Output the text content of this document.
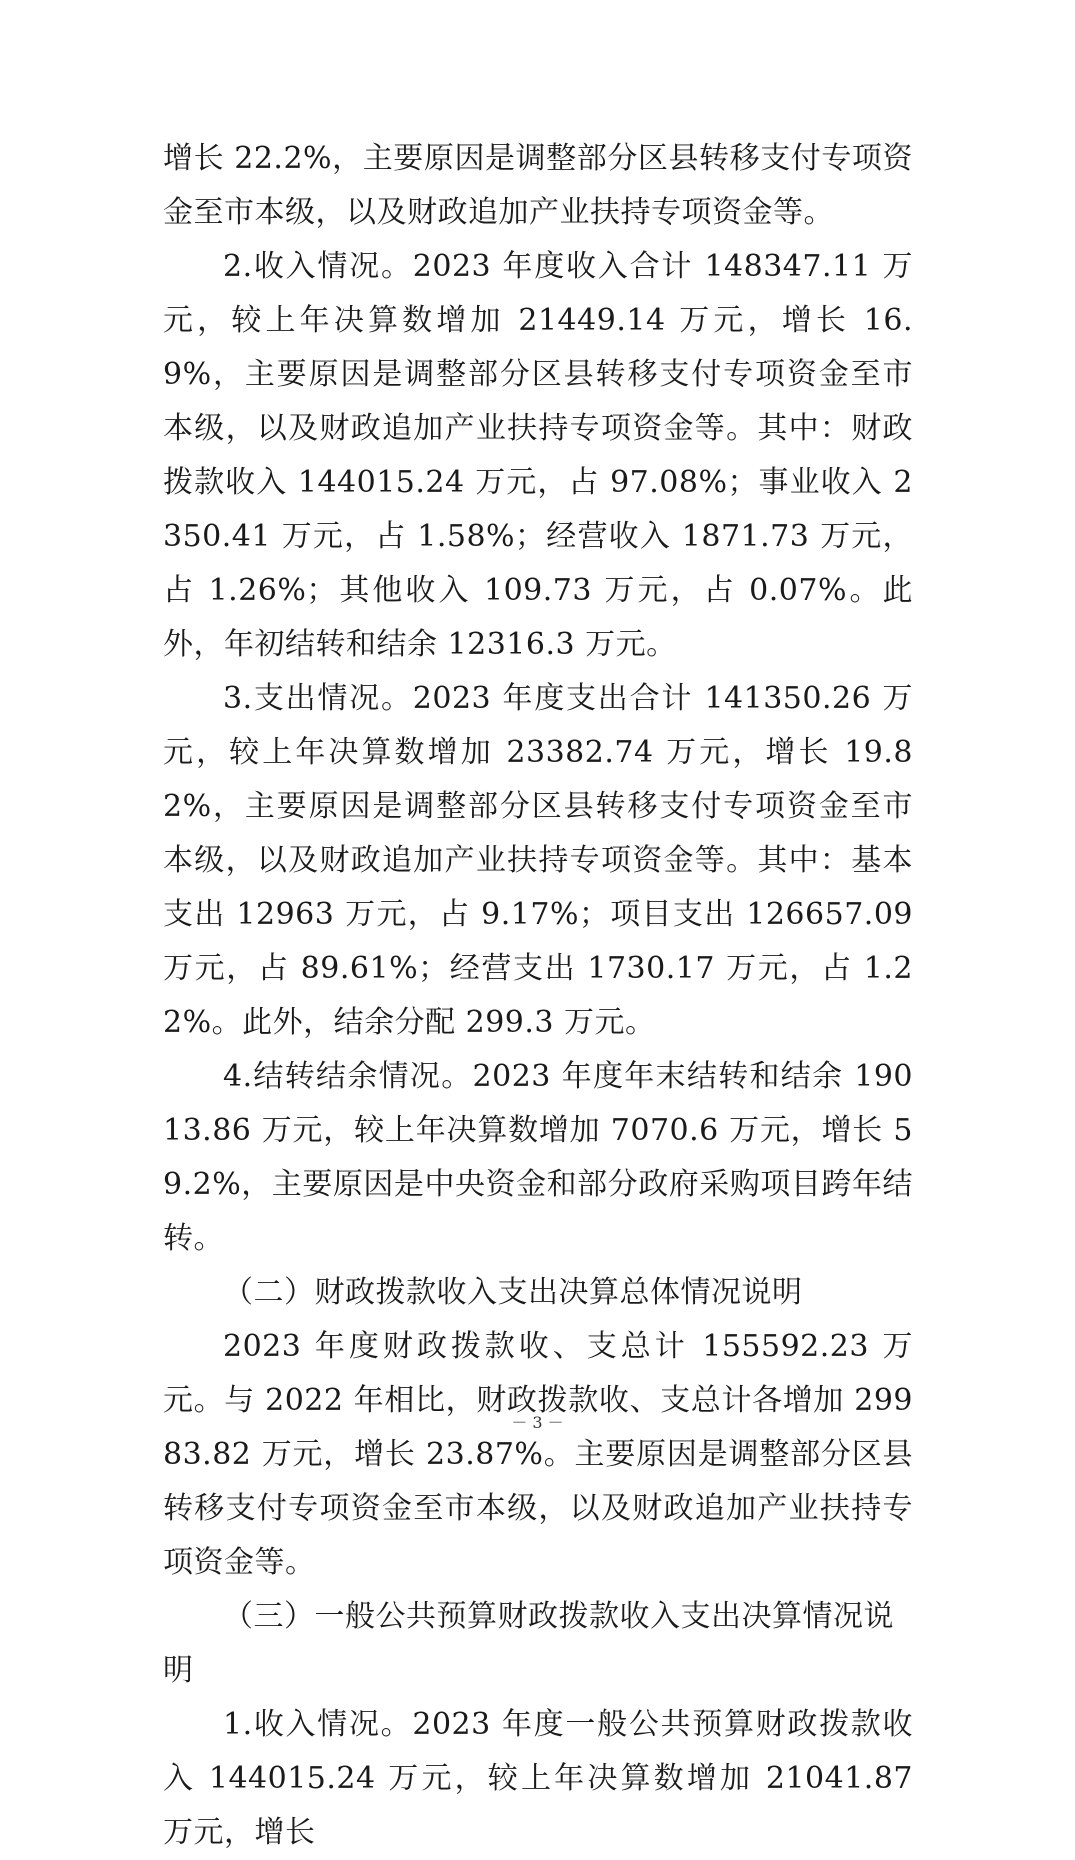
增长 22.2%，主要原因是调整部分区县转移支付专项资金至市本级，以及财政追加产业扶持专项资金等。

2.收入情况。2023 年度收入合计 148347.11 万元，较上年决算数增加 21449.14 万元，增长 16.9%，主要原因是调整部分区县转移支付专项资金至市本级，以及财政追加产业扶持专项资金等。其中：财政拨款收入 144015.24 万元，占 97.08%；事业收入 2350.41 万元，占 1.58%；经营收入 1871.73 万元，占 1.26%；其他收入 109.73 万元，占 0.07%。此外，年初结转和结余 12316.3 万元。

3.支出情况。2023 年度支出合计 141350.26 万元，较上年决算数增加 23382.74 万元，增长 19.82%，主要原因是调整部分区县转移支付专项资金至市本级，以及财政追加产业扶持专项资金等。其中：基本支出 12963 万元，占 9.17%；项目支出 126657.09 万元，占 89.61%；经营支出 1730.17 万元，占 1.22%。此外，结余分配 299.3 万元。

4.结转结余情况。2023 年度年末结转和结余 19013.86 万元，较上年决算数增加 7070.6 万元，增长 59.2%，主要原因是中央资金和部分政府采购项目跨年结转。

（二）财政拨款收入支出决算总体情况说明

2023 年度财政拨款收、支总计 155592.23 万元。与 2022 年相比，财政拨款收、支总计各增加 29983.82 万元，增长 23.87%。主要原因是调整部分区县转移支付专项资金至市本级，以及财政追加产业扶持专项资金等。

（三）一般公共预算财政拨款收入支出决算情况说明

1.收入情况。2023 年度一般公共预算财政拨款收入 144015.24 万元，较上年决算数增加 21041.87 万元，增长

－ 3 －
